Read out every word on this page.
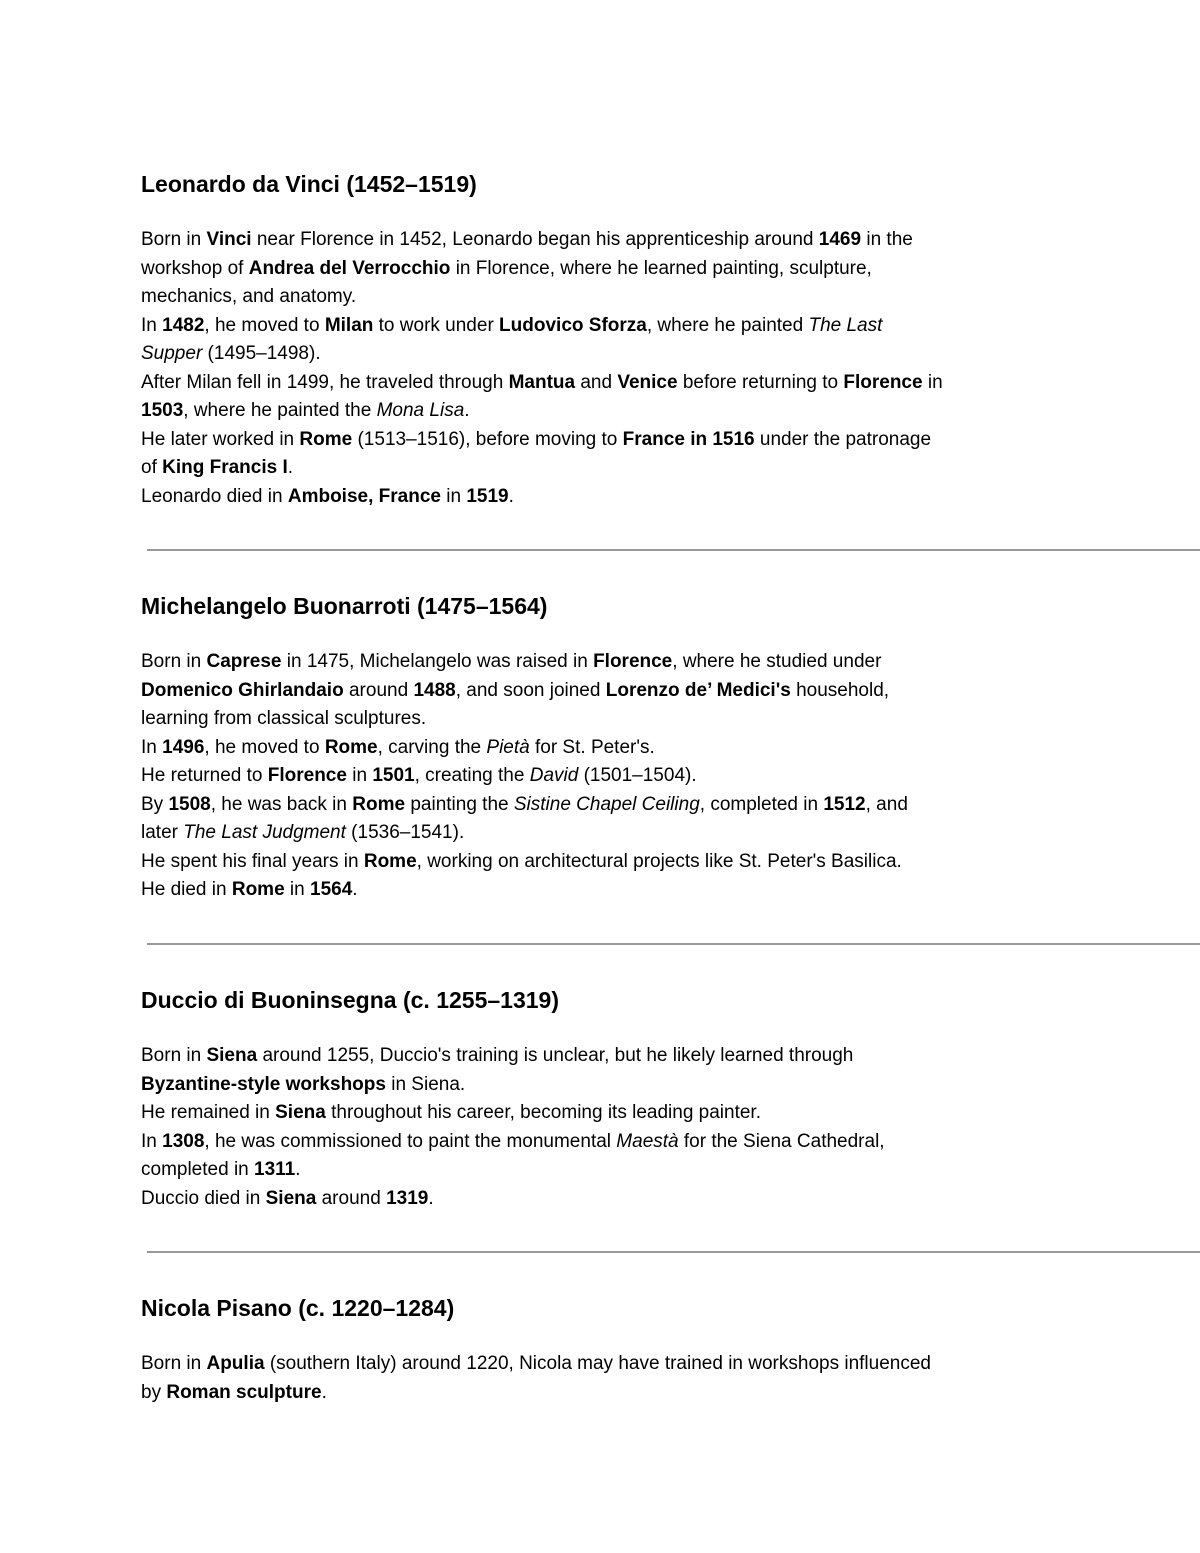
Leonardo da Vinci (1452–1519)
Born in Vinci near Florence in 1452, Leonardo began his apprenticeship around 1469 in the
workshop of Andrea del Verrocchio in Florence, where he learned painting, sculpture,
mechanics, and anatomy.
In 1482, he moved to Milan to work under Ludovico Sforza, where he painted The Last
Supper (1495–1498).
After Milan fell in 1499, he traveled through Mantua and Venice before returning to Florence in
1503, where he painted the Mona Lisa.
He later worked in Rome (1513–1516), before moving to France in 1516 under the patronage
of King Francis I.
Leonardo died in Amboise, France in 1519.
Michelangelo Buonarroti (1475–1564)
Born in Caprese in 1475, Michelangelo was raised in Florence, where he studied under
Domenico Ghirlandaio around 1488, and soon joined Lorenzo de’ Medici's household,
learning from classical sculptures.
In 1496, he moved to Rome, carving the Pietà for St. Peter's.
He returned to Florence in 1501, creating the David (1501–1504).
By 1508, he was back in Rome painting the Sistine Chapel Ceiling, completed in 1512, and
later The Last Judgment (1536–1541).
He spent his final years in Rome, working on architectural projects like St. Peter's Basilica.
He died in Rome in 1564.
Duccio di Buoninsegna (c. 1255–1319)
Born in Siena around 1255, Duccio's training is unclear, but he likely learned through
Byzantine-style workshops in Siena.
He remained in Siena throughout his career, becoming its leading painter.
In 1308, he was commissioned to paint the monumental Maestà for the Siena Cathedral,
completed in 1311.
Duccio died in Siena around 1319.
Nicola Pisano (c. 1220–1284)
Born in Apulia (southern Italy) around 1220, Nicola may have trained in workshops influenced
by Roman sculpture.
